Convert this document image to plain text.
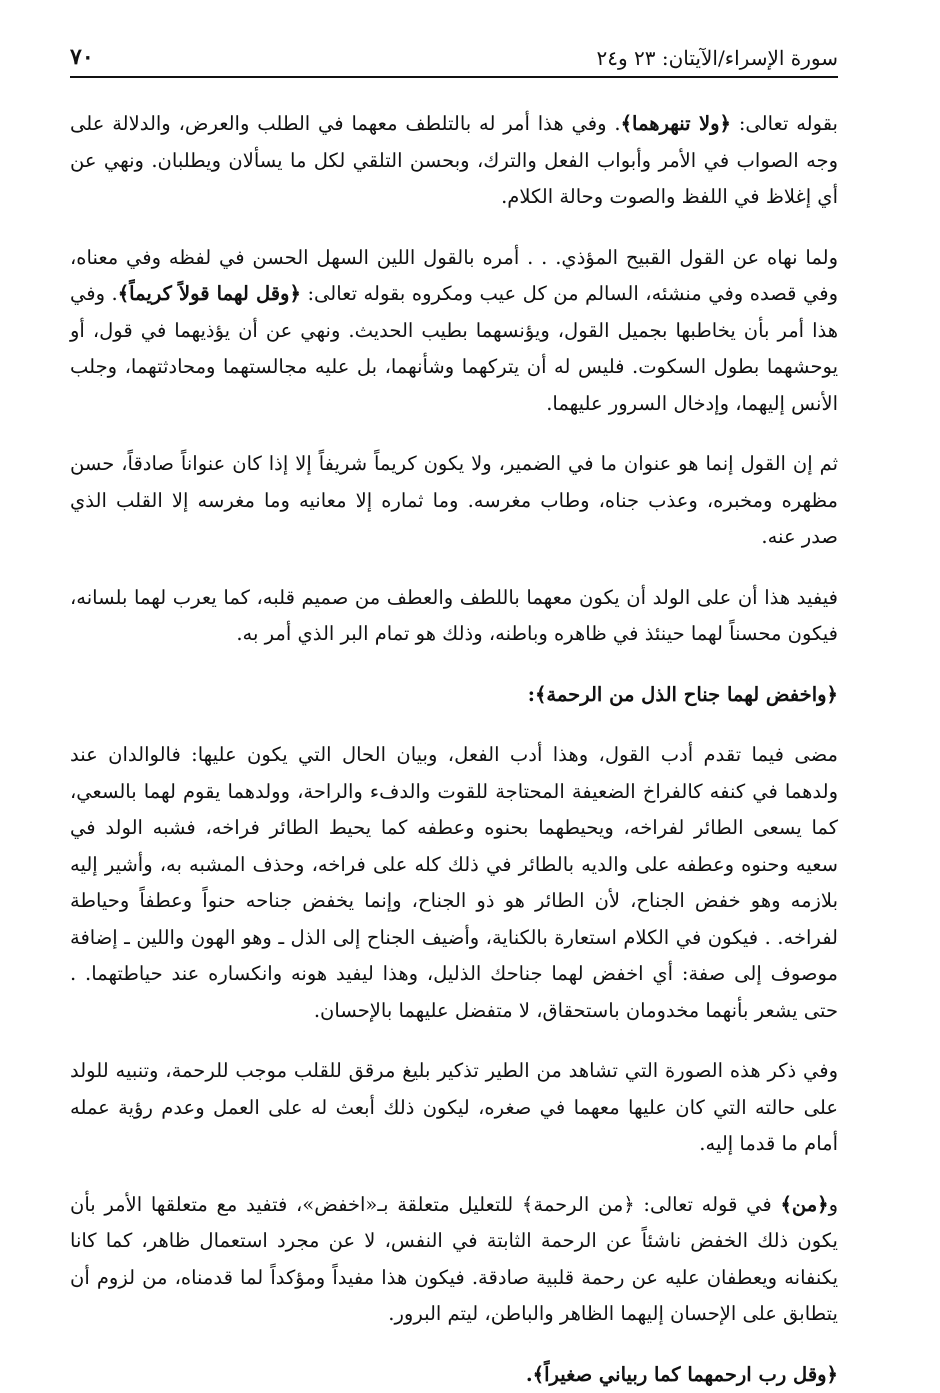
سورة الإسراء/الآيتان: ٢٣ و٢٤
٧٠

بقوله تعالى: ﴿ولا تنهرهما﴾. وفي هذا أمر له بالتلطف معهما في الطلب والعرض، والدلالة على وجه الصواب في الأمر وأبواب الفعل والترك، وبحسن التلقي لكل ما يسألان ويطلبان. ونهي عن أي إغلاظ في اللفظ والصوت وحالة الكلام.

ولما نهاه عن القول القبيح المؤذي. . . أمره بالقول اللين السهل الحسن في لفظه وفي معناه، وفي قصده وفي منشئه، السالم من كل عيب ومكروه بقوله تعالى: ﴿وقل لهما قولاً كريماً﴾. وفي هذا أمر بأن يخاطبها بجميل القول، ويؤنسهما بطيب الحديث. ونهي عن أن يؤذيهما في قول، أو يوحشهما بطول السكوت. فليس له أن يتركهما وشأنهما، بل عليه مجالستهما ومحادثتهما، وجلب الأنس إليهما، وإدخال السرور عليهما.

ثم إن القول إنما هو عنوان ما في الضمير، ولا يكون كريماً شريفاً إلا إذا كان عنواناً صادقاً، حسن مظهره ومخبره، وعذب جناه، وطاب مغرسه. وما ثماره إلا معانيه وما مغرسه إلا القلب الذي صدر عنه.

فيفيد هذا أن على الولد أن يكون معهما باللطف والعطف من صميم قلبه، كما يعرب لهما بلسانه، فيكون محسناً لهما حينئذ في ظاهره وباطنه، وذلك هو تمام البر الذي أمر به.

﴿واخفض لهما جناح الذل من الرحمة﴾:

مضى فيما تقدم أدب القول، وهذا أدب الفعل، وبيان الحال التي يكون عليها: فالوالدان عند ولدهما في كنفه كالفراخ الضعيفة المحتاجة للقوت والدفء والراحة، وولدهما يقوم لهما بالسعي، كما يسعى الطائر لفراخه، ويحيطهما بحنوه وعطفه كما يحيط الطائر فراخه، فشبه الولد في سعيه وحنوه وعطفه على والديه بالطائر في ذلك كله على فراخه، وحذف المشبه به، وأشير إليه بلازمه وهو خفض الجناح، لأن الطائر هو ذو الجناح، وإنما يخفض جناحه حنواً وعطفاً وحياطة لفراخه. . فيكون في الكلام استعارة بالكناية، وأضيف الجناح إلى الذل ـ وهو الهون واللين ـ إضافة موصوف إلى صفة: أي اخفض لهما جناحك الذليل، وهذا ليفيد هونه وانكساره عند حياطتهما. . حتى يشعر بأنهما مخدومان باستحقاق، لا متفضل عليهما بالإحسان.

وفي ذكر هذه الصورة التي تشاهد من الطير تذكير بليغ مرقق للقلب موجب للرحمة، وتنبيه للولد على حالته التي كان عليها معهما في صغره، ليكون ذلك أبعث له على العمل وعدم رؤية عمله أمام ما قدما إليه.

و﴿من﴾ في قوله تعالى: ﴿من الرحمة﴾ للتعليل متعلقة بـ«اخفض»، فتفيد مع متعلقها الأمر بأن يكون ذلك الخفض ناشئاً عن الرحمة الثابتة في النفس، لا عن مجرد استعمال ظاهر، كما كانا يكنفانه ويعطفان عليه عن رحمة قلبية صادقة. فيكون هذا مفيداً ومؤكداً لما قدمناه، من لزوم أن يتطابق على الإحسان إليهما الظاهر والباطن، ليتم البرور.

﴿وقل رب ارحمهما كما ربياني صغيراً﴾.
